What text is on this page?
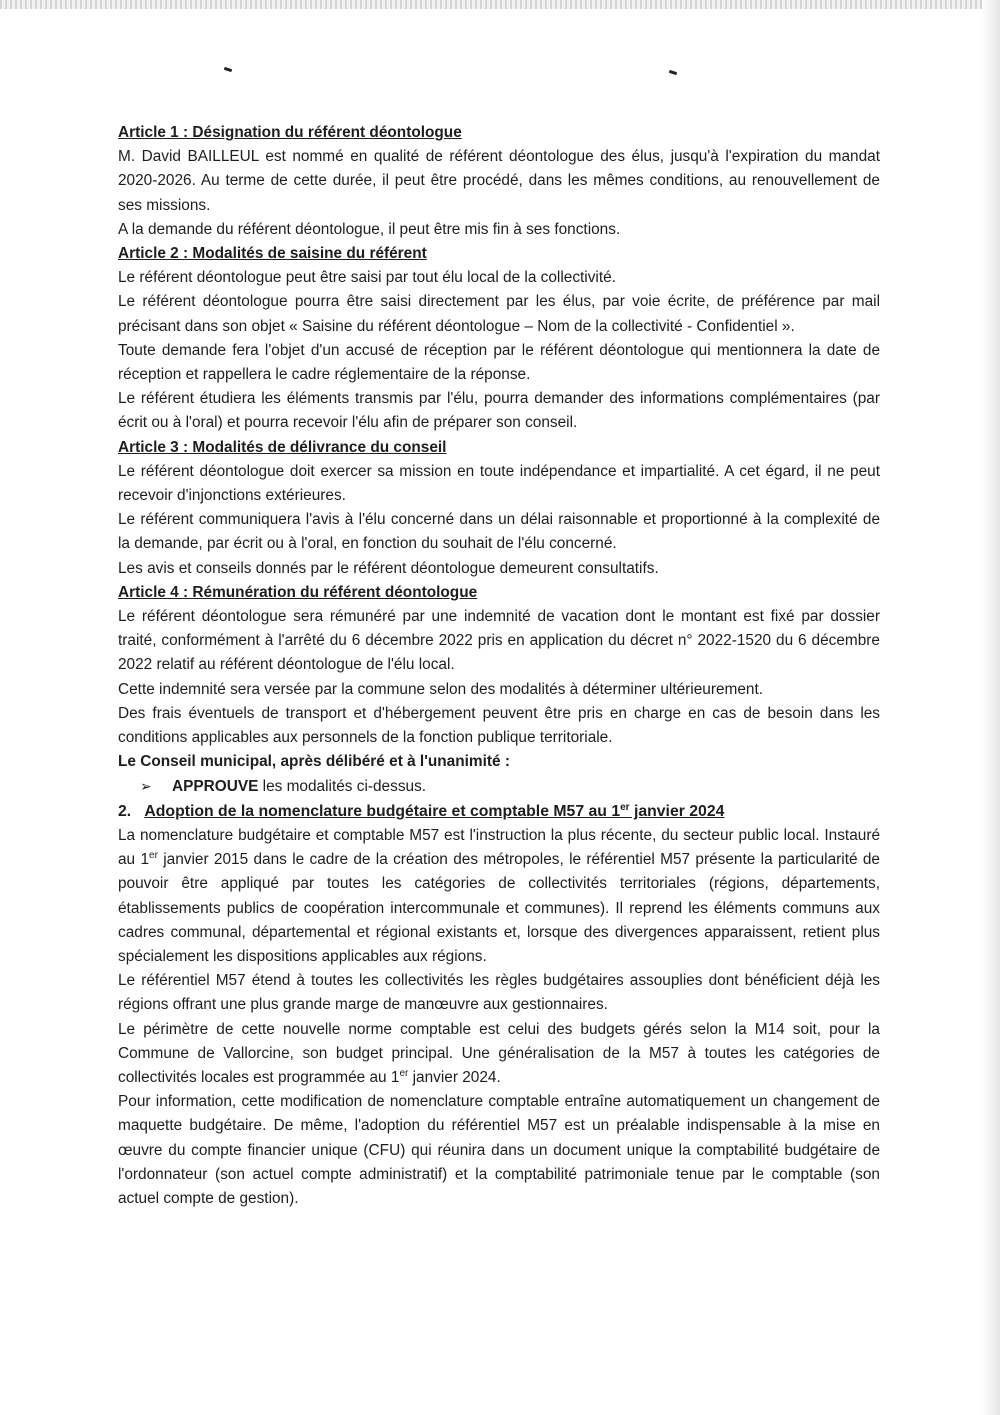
Article 1 : Désignation du référent déontologue

M. David BAILLEUL est nommé en qualité de référent déontologue des élus, jusqu'à l'expiration du mandat 2020-2026. Au terme de cette durée, il peut être procédé, dans les mêmes conditions, au renouvellement de ses missions.

A la demande du référent déontologue, il peut être mis fin à ses fonctions.

Article 2 : Modalités de saisine du référent

Le référent déontologue peut être saisi par tout élu local de la collectivité.

Le référent déontologue pourra être saisi directement par les élus, par voie écrite, de préférence par mail précisant dans son objet « Saisine du référent déontologue – Nom de la collectivité - Confidentiel ».

Toute demande fera l'objet d'un accusé de réception par le référent déontologue qui mentionnera la date de réception et rappellera le cadre réglementaire de la réponse.

Le référent étudiera les éléments transmis par l'élu, pourra demander des informations complémentaires (par écrit ou à l'oral) et pourra recevoir l'élu afin de préparer son conseil.

Article 3 : Modalités de délivrance du conseil

Le référent déontologue doit exercer sa mission en toute indépendance et impartialité. A cet égard, il ne peut recevoir d'injonctions extérieures.

Le référent communiquera l'avis à l'élu concerné dans un délai raisonnable et proportionné à la complexité de la demande, par écrit ou à l'oral, en fonction du souhait de l'élu concerné.

Les avis et conseils donnés par le référent déontologue demeurent consultatifs.

Article 4 : Rémunération du référent déontologue

Le référent déontologue sera rémunéré par une indemnité de vacation dont le montant est fixé par dossier traité, conformément à l'arrêté du 6 décembre 2022 pris en application du décret n° 2022-1520 du 6 décembre 2022 relatif au référent déontologue de l'élu local.

Cette indemnité sera versée par la commune selon des modalités à déterminer ultérieurement.

Des frais éventuels de transport et d'hébergement peuvent être pris en charge en cas de besoin dans les conditions applicables aux personnels de la fonction publique territoriale.

Le Conseil municipal, après délibéré et à l'unanimité :

➢	APPROUVE les modalités ci-dessus.

2. Adoption de la nomenclature budgétaire et comptable M57 au 1er janvier 2024

La nomenclature budgétaire et comptable M57 est l'instruction la plus récente, du secteur public local. Instauré au 1er janvier 2015 dans le cadre de la création des métropoles, le référentiel M57 présente la particularité de pouvoir être appliqué par toutes les catégories de collectivités territoriales (régions, départements, établissements publics de coopération intercommunale et communes). Il reprend les éléments communs aux cadres communal, départemental et régional existants et, lorsque des divergences apparaissent, retient plus spécialement les dispositions applicables aux régions.

Le référentiel M57 étend à toutes les collectivités les règles budgétaires assouplies dont bénéficient déjà les régions offrant une plus grande marge de manœuvre aux gestionnaires.

Le périmètre de cette nouvelle norme comptable est celui des budgets gérés selon la M14 soit, pour la Commune de Vallorcine, son budget principal. Une généralisation de la M57 à toutes les catégories de collectivités locales est programmée au 1er janvier 2024.

Pour information, cette modification de nomenclature comptable entraîne automatiquement un changement de maquette budgétaire. De même, l'adoption du référentiel M57 est un préalable indispensable à la mise en œuvre du compte financier unique (CFU) qui réunira dans un document unique la comptabilité budgétaire de l'ordonnateur (son actuel compte administratif) et la comptabilité patrimoniale tenue par le comptable (son actuel compte de gestion).
